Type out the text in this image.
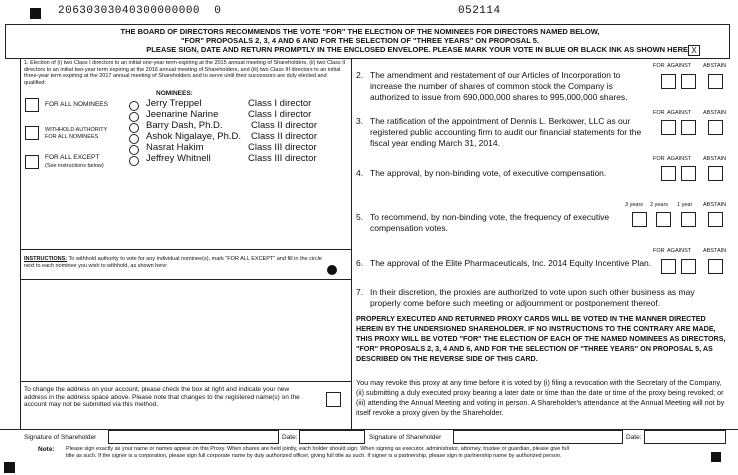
20630303040300000000  0	052114
THE BOARD OF DIRECTORS RECOMMENDS THE VOTE "FOR" THE ELECTION OF THE NOMINEES FOR DIRECTORS NAMED BELOW,
"FOR" PROPOSALS 2, 3, 4 AND 6 AND FOR THE SELECTION OF "THREE YEARS" ON PROPOSAL 5.
PLEASE SIGN, DATE AND RETURN PROMPTLY IN THE ENCLOSED ENVELOPE. PLEASE MARK YOUR VOTE IN BLUE OR BLACK INK AS SHOWN HERE X
1. Election of (i) two Class I directors to an initial one-year term expiring at the 2015 annual meeting of Shareholders, (ii) two Class II directors to an initial two-year term expiring at the 2016 annual meeting of Shareholders, and (iii) two Class III directors to an initial three-year term expiring at the 2017 annual meeting of Shareholders and to serve until their successors are duly elected and qualified:
NOMINEES:
FOR ALL NOMINEES
WITHHOLD AUTHORITY FOR ALL NOMINEES
FOR ALL EXCEPT
(See instructions below)
Jerry Treppel	Class I director
Jeenarine Narine	Class I director
Barry Dash, Ph.D.	Class II director
Ashok Nigalaye, Ph.D. Class II director
Nasrat Hakim	Class III director
Jeffrey Whitnell	Class III director
INSTRUCTIONS: To withhold authority to vote for any individual nominee(s), mark "FOR ALL EXCEPT" and fill in the circle next to each nominee you wish to withhold, as shown here:
To change the address on your account, please check the box at right and indicate your new address in the address space above. Please note that changes to the registered name(s) on the account may not be submitted via this method.
FOR AGAINST ABSTAIN
2. The amendment and restatement of our Articles of Incorporation to increase the number of shares of common stock the Company is authorized to issue from 690,000,000 shares to 995,000,000 shares.
FOR AGAINST ABSTAIN
3. The ratification of the appointment of Dennis L. Berkower, LLC as our registered public accounting firm to audit our financial statements for the fiscal year ending March 31, 2014.
FOR AGAINST ABSTAIN
4. The approval, by non-binding vote, of executive compensation.
3 years 2 years 1 year ABSTAIN
5. To recommend, by non-binding vote, the frequency of executive compensation votes.
FOR AGAINST ABSTAIN
6. The approval of the Elite Pharmaceuticals, Inc. 2014 Equity Incentive Plan.
7. In their discretion, the proxies are authorized to vote upon such other business as may properly come before such meeting or adjournment or postponement thereof.
PROPERLY EXECUTED AND RETURNED PROXY CARDS WILL BE VOTED IN THE MANNER DIRECTED HEREIN BY THE UNDERSIGNED SHAREHOLDER. IF NO INSTRUCTIONS TO THE CONTRARY ARE MADE, THIS PROXY WILL BE VOTED "FOR" THE ELECTION OF EACH OF THE NAMED NOMINEES AS DIRECTORS, "FOR" PROPOSALS 2, 3, 4 AND 6, AND FOR THE SELECTION OF "THREE YEARS" ON PROPOSAL 5, AS DESCRIBED ON THE REVERSE SIDE OF THIS CARD.
You may revoke this proxy at any time before it is voted by (i) filing a revocation with the Secretary of the Company, (ii) submitting a duly executed proxy bearing a later date or time than the date or time of the proxy being revoked; or (iii) attending the Annual Meeting and voting in person. A Shareholder's attendance at the Annual Meeting will not by itself revoke a proxy given by the Shareholder.
Signature of Shareholder	Date:	Signature of Shareholder	Date:
Note: Please sign exactly as your name or names appear on this Proxy. When shares are held jointly, each holder should sign. When signing as executor, administrator, attorney, trustee or guardian, please give full
title as such. If the signer is a corporation, please sign full corporate name by duly authorized officer, giving full title as such. If signer is a partnership, please sign in partnership name by authorized person.
